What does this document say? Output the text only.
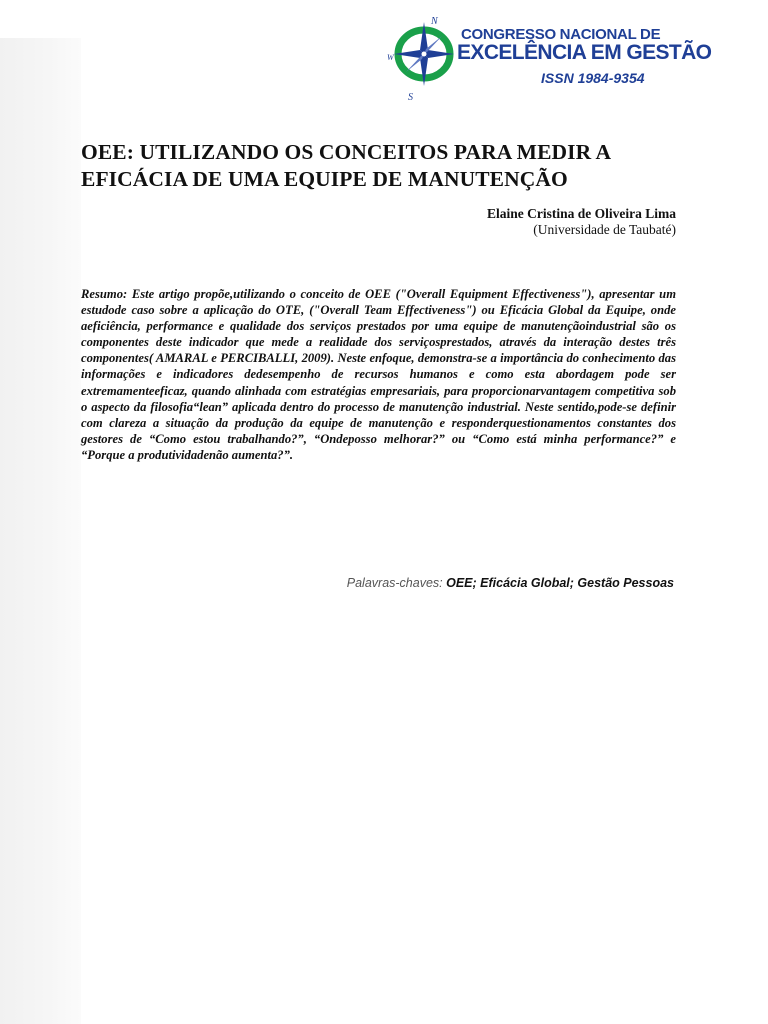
N
W
S
CONGRESSO NACIONAL DE
EXCELÊNCIA EM GESTÃO
ISSN 1984-9354
OEE: UTILIZANDO OS CONCEITOS PARA MEDIR A
EFICÁCIA DE UMA EQUIPE DE MANUTENÇÃO
Elaine Cristina de Oliveira Lima
(Universidade de Taubaté)

Resumo: Este artigo propõe,utilizando o conceito de OEE ("Overall Equipment Effectiveness"), apresentar um estudode caso sobre a aplicação do OTE, ("Overall Team Effectiveness") ou Eficácia Global da Equipe, onde aeficiência, performance e qualidade dos serviços prestados por uma equipe de manutençãoindustrial são os componentes deste indicador que mede a realidade dos serviçosprestados, através da interação destes três componentes( AMARAL e PERCIBALLI, 2009). Neste enfoque, demonstra-se a importância do conhecimento das informações e indicadores dedesempenho de recursos humanos e como esta abordagem pode ser extremamenteeficaz, quando alinhada com estratégias empresariais, para proporcionarvantagem competitiva sob o aspecto da filosofia“lean” aplicada dentro do processo de manutenção industrial. Neste sentido,pode-se definir com clareza a situação da produção da equipe de manutenção e responderquestionamentos constantes dos gestores de “Como estou trabalhando?”, “Ondeposso melhorar?” ou “Como está minha performance?” e “Porque a produtividadenão aumenta?”.

Palavras-chaves: OEE; Eficácia Global; Gestão Pessoas
